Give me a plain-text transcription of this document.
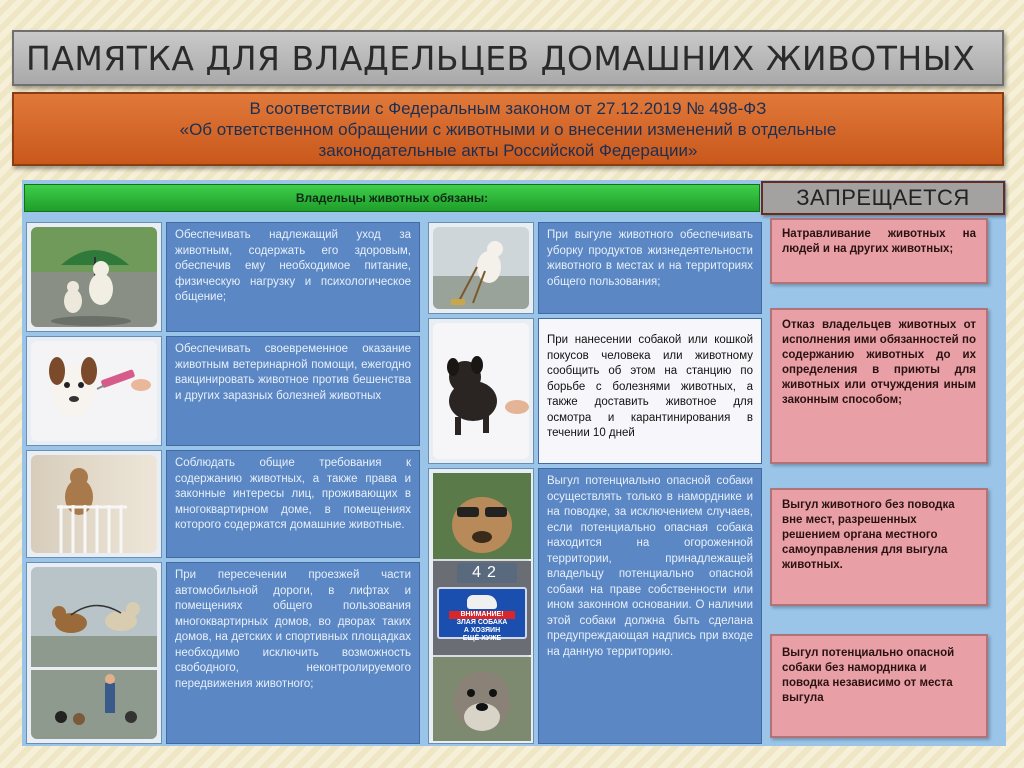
ПАМЯТКА ДЛЯ ВЛАДЕЛЬЦЕВ ДОМАШНИХ ЖИВОТНЫХ
В соответствии с Федеральным законом от 27.12.2019 № 498-ФЗ
«Об ответственном обращении с животными и о внесении изменений в отдельные
законодательные акты Российской Федерации»
Владельцы животных обязаны:	ЗАПРЕЩАЕТСЯ
Обеспечивать надлежащий уход за животным, содержать его здоровым, обеспечив ему необходимое питание, физическую нагрузку и психологическое общение;
Обеспечивать своевременное оказание животным ветеринарной помощи, ежегодно вакцинировать животное против бешенства и других заразных болезней животных
Соблюдать общие требования к содержанию животных, а также права и законные интересы лиц, проживающих в многоквартирном доме, в помещениях которого содержатся домашние животные.
При пересечении проезжей части автомобильной дороги, в лифтах и помещениях общего пользования многоквартирных домов, во дворах таких домов, на детских и спортивных площадках необходимо исключить возможность свободного, неконтролируемого передвижения животного;
42
ВНИМАНИЕ!
ЗЛАЯ СОБАКА
А ХОЗЯИН
ЕЩЁ ХУЖЕ
При выгуле животного обеспечивать уборку продуктов жизнедеятельности животного в местах и на территориях общего пользования;
При нанесении собакой или кошкой покусов человека или животному сообщить об этом на станцию по борьбе с болезнями животных, а также доставить животное для осмотра и карантинирования в течении 10 дней
Выгул потенциально опасной собаки осуществлять только в наморднике и на поводке, за исключением случаев, если потенциально опасная собака находится на огороженной территории, принадлежащей владельцу потенциально опасной собаки на праве собственности или ином законном основании. О наличии этой собаки должна быть сделана предупреждающая надпись при входе на данную территорию.
Натравливание животных на людей и на других животных;
Отказ владельцев животных от исполнения ими обязанностей по содержанию животных до их определения в приюты для животных или отчуждения иным законным способом;
Выгул животного без поводка вне мест, разрешенных решением органа местного самоуправления для выгула животных.
Выгул потенциально опасной собаки без намордника и поводка независимо от места выгула
